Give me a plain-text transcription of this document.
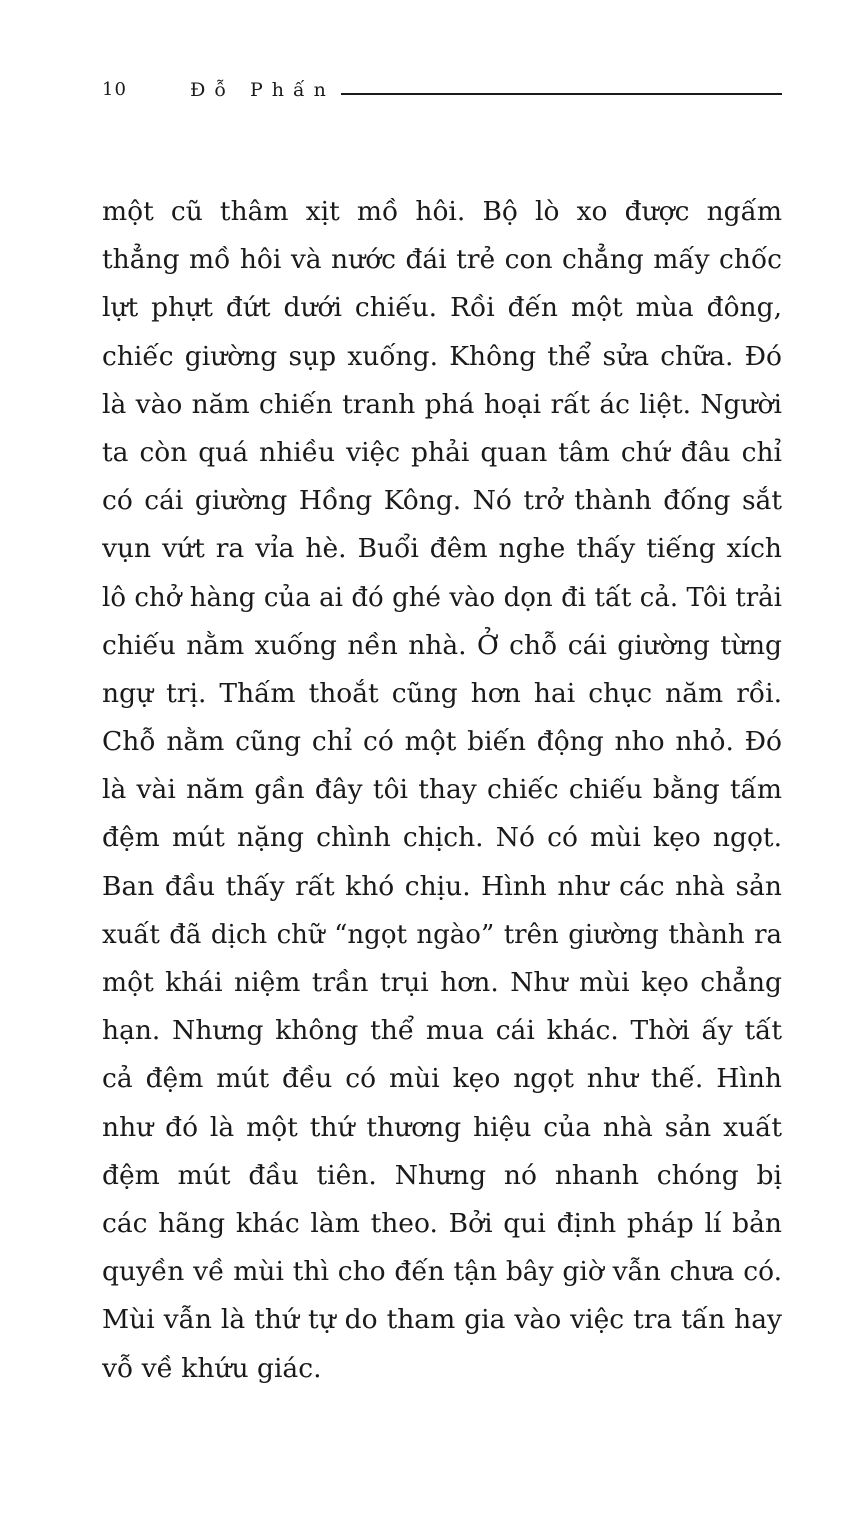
10	Đỗ Phấn
một cũ thâm xịt mồ hôi. Bộ lò xo được ngấm
thẳng mồ hôi và nước đái trẻ con chẳng mấy chốc
lựt phựt đứt dưới chiếu. Rồi đến một mùa đông,
chiếc giường sụp xuống. Không thể sửa chữa. Đó
là vào năm chiến tranh phá hoại rất ác liệt. Người
ta còn quá nhiều việc phải quan tâm chứ đâu chỉ
có cái giường Hồng Kông. Nó trở thành đống sắt
vụn vứt ra vỉa hè. Buổi đêm nghe thấy tiếng xích
lô chở hàng của ai đó ghé vào dọn đi tất cả. Tôi trải
chiếu nằm xuống nền nhà. Ở chỗ cái giường từng
ngự trị. Thấm thoắt cũng hơn hai chục năm rồi.
Chỗ nằm cũng chỉ có một biến động nho nhỏ. Đó
là vài năm gần đây tôi thay chiếc chiếu bằng tấm
đệm mút nặng chình chịch. Nó có mùi kẹo ngọt.
Ban đầu thấy rất khó chịu. Hình như các nhà sản
xuất đã dịch chữ “ngọt ngào” trên giường thành ra
một khái niệm trần trụi hơn. Như mùi kẹo chẳng
hạn. Nhưng không thể mua cái khác. Thời ấy tất
cả đệm mút đều có mùi kẹo ngọt như thế. Hình
như đó là một thứ thương hiệu của nhà sản xuất
đệm mút đầu tiên. Nhưng nó nhanh chóng bị
các hãng khác làm theo. Bởi qui định pháp lí bản
quyền về mùi thì cho đến tận bây giờ vẫn chưa có.
Mùi vẫn là thứ tự do tham gia vào việc tra tấn hay
vỗ về khứu giác.
